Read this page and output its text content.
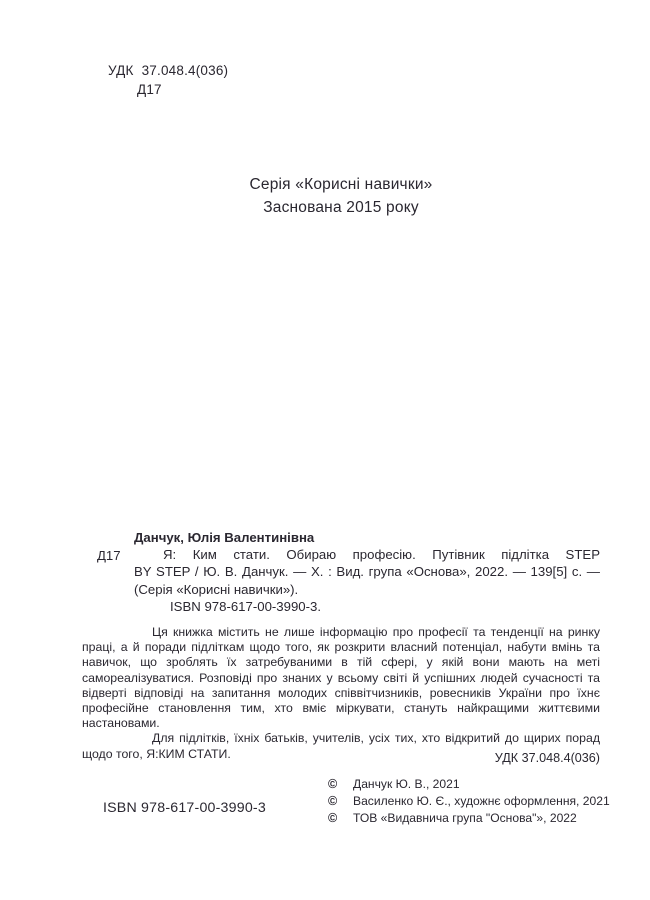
УДК 37.048.4(036)
Д17
Серія «Корисні навички»
Заснована 2015 року
Данчук, Юлія Валентинівна
Д17	Я: Ким стати. Обираю професію. Путівник підлітка STEP
BY STEP / Ю. В. Данчук. — Х. : Вид. група «Основа», 2022. — 139[5] с. —
(Серія «Корисні навички»).
ISBN 978-617-00-3990-3.

Ця книжка містить не лише інформацію про професії та тенденції на ринку праці, а й поради підліткам щодо того, як розкрити власний потенціал, набути вмінь та навичок, що зроблять їх затребуваними в тій сфері, у якій вони мають на меті самореалізуватися. Розповіді про знаних у всьому світі й успішних людей сучасності та відверті відповіді на запитання молодих співвітчизників, ровесників України про їхнє професійне становлення тим, хто вміє міркувати, стануть найкращими життєвими настановами.

Для підлітків, їхніх батьків, учителів, усіх тих, хто відкритий до щирих порад щодо того, Я:КИМ СТАТИ.	УДК 37.048.4(036)
ISBN 978-617-00-3990-3
© Данчук Ю. В., 2021
© Василенко Ю. Є., художнє оформлення, 2021
© ТОВ «Видавнича група "Основа"», 2022
